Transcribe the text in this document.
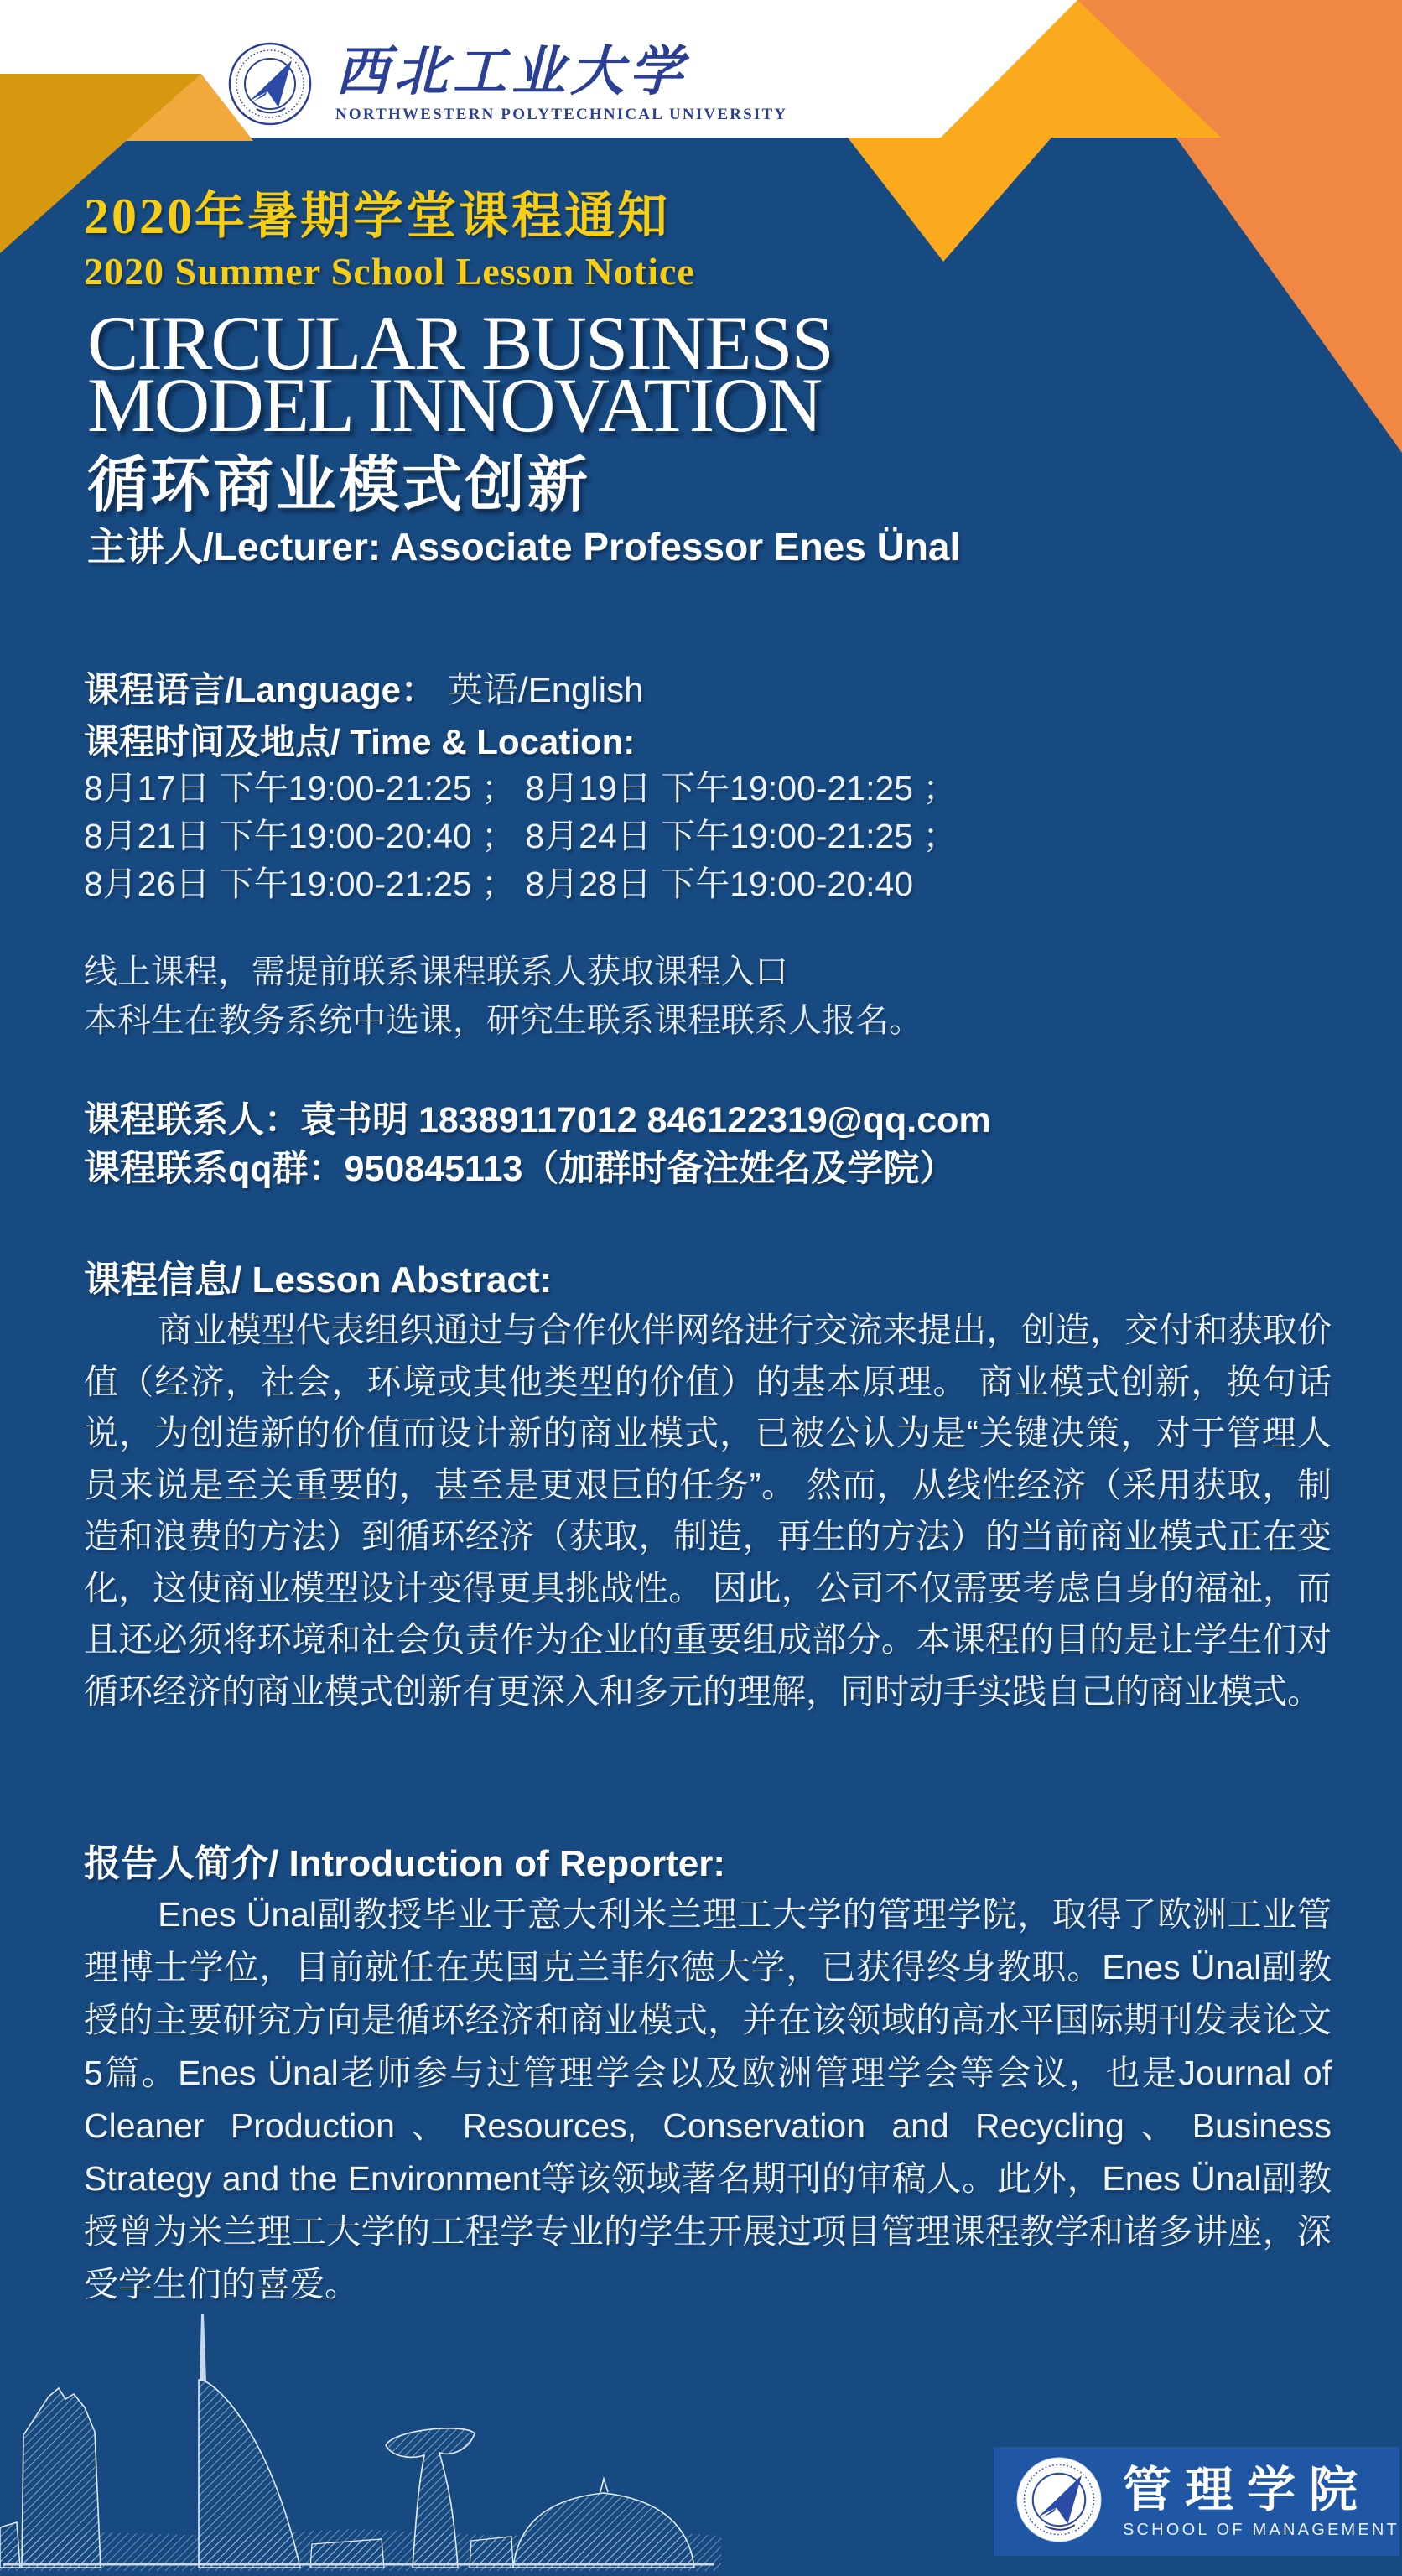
西北工业大学
NORTHWESTERN POLYTECHNICAL UNIVERSITY
2020年暑期学堂课程通知
2020 Summer School Lesson Notice
CIRCULAR BUSINESS
MODEL INNOVATION
循环商业模式创新
主讲人/Lecturer: Associate Professor Enes Ünal
课程语言/Language： 英语/English
课程时间及地点/ Time & Location:
8月17日 下午19:00-21:25 ； 8月19日 下午19:00-21:25 ；
8月21日 下午19:00-20:40 ； 8月24日 下午19:00-21:25 ；
8月26日 下午19:00-21:25 ； 8月28日 下午19:00-20:40
线上课程，需提前联系课程联系人获取课程入口
本科生在教务系统中选课，研究生联系课程联系人报名。
课程联系人：袁书明 18389117012 846122319@qq.com
课程联系qq群：950845113（加群时备注姓名及学院）
课程信息/ Lesson Abstract:
商业模型代表组织通过与合作伙伴网络进行交流来提出，创造，交付和获取价值（经济，社会，环境或其他类型的价值）的基本原理。 商业模式创新，换句话说，为创造新的价值而设计新的商业模式，已被公认为是“关键决策，对于管理人员来说是至关重要的，甚至是更艰巨的任务”。 然而，从线性经济（采用获取，制造和浪费的方法）到循环经济（获取，制造，再生的方法）的当前商业模式正在变化，这使商业模型设计变得更具挑战性。 因此，公司不仅需要考虑自身的福祉，而且还必须将环境和社会负责作为企业的重要组成部分。本课程的目的是让学生们对循环经济的商业模式创新有更深入和多元的理解，同时动手实践自己的商业模式。
报告人简介/ Introduction of Reporter:
Enes Ünal副教授毕业于意大利米兰理工大学的管理学院，取得了欧洲工业管理博士学位，目前就任在英国克兰菲尔德大学，已获得终身教职。Enes Ünal副教授的主要研究方向是循环经济和商业模式，并在该领域的高水平国际期刊发表论文5篇。Enes Ünal老师参与过管理学会以及欧洲管理学会等会议，也是Journal of Cleaner Production、Resources, Conservation and Recycling、Business Strategy and the Environment等该领域著名期刊的审稿人。此外，Enes Ünal副教授曾为米兰理工大学的工程学专业的学生开展过项目管理课程教学和诸多讲座，深受学生们的喜爱。
管理学院
SCHOOL OF MANAGEMENT
